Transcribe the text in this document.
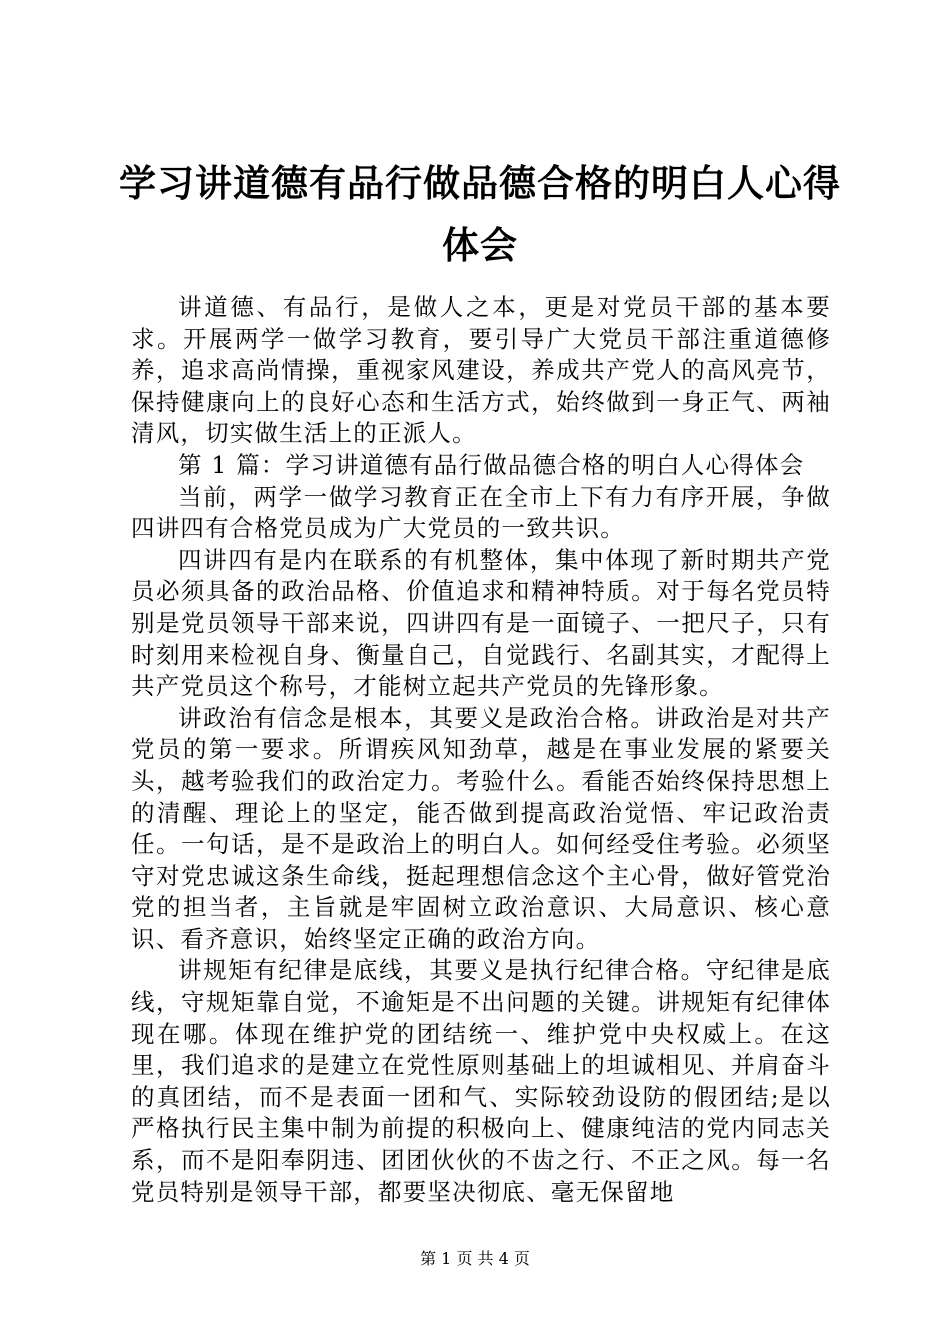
学习讲道德有品行做品德合格的明白人心得体会

讲道德、有品行，是做人之本，更是对党员干部的基本要求。开展两学一做学习教育，要引导广大党员干部注重道德修养，追求高尚情操，重视家风建设，养成共产党人的高风亮节，保持健康向上的良好心态和生活方式，始终做到一身正气、两袖清风，切实做生活上的正派人。

第 1 篇：学习讲道德有品行做品德合格的明白人心得体会

当前，两学一做学习教育正在全市上下有力有序开展，争做四讲四有合格党员成为广大党员的一致共识。

四讲四有是内在联系的有机整体，集中体现了新时期共产党员必须具备的政治品格、价值追求和精神特质。对于每名党员特别是党员领导干部来说，四讲四有是一面镜子、一把尺子，只有时刻用来检视自身、衡量自己，自觉践行、名副其实，才配得上共产党员这个称号，才能树立起共产党员的先锋形象。

讲政治有信念是根本，其要义是政治合格。讲政治是对共产党员的第一要求。所谓疾风知劲草，越是在事业发展的紧要关头，越考验我们的政治定力。考验什么。看能否始终保持思想上的清醒、理论上的坚定，能否做到提高政治觉悟、牢记政治责任。一句话，是不是政治上的明白人。如何经受住考验。必须坚守对党忠诚这条生命线，挺起理想信念这个主心骨，做好管党治党的担当者，主旨就是牢固树立政治意识、大局意识、核心意识、看齐意识，始终坚定正确的政治方向。

讲规矩有纪律是底线，其要义是执行纪律合格。守纪律是底线，守规矩靠自觉，不逾矩是不出问题的关键。讲规矩有纪律体现在哪。体现在维护党的团结统一、维护党中央权威上。在这里，我们追求的是建立在党性原则基础上的坦诚相见、并肩奋斗的真团结，而不是表面一团和气、实际较劲设防的假团结;是以严格执行民主集中制为前提的积极向上、健康纯洁的党内同志关系，而不是阳奉阴违、团团伙伙的不齿之行、不正之风。每一名党员特别是领导干部，都要坚决彻底、毫无保留地

第 1 页 共 4 页
